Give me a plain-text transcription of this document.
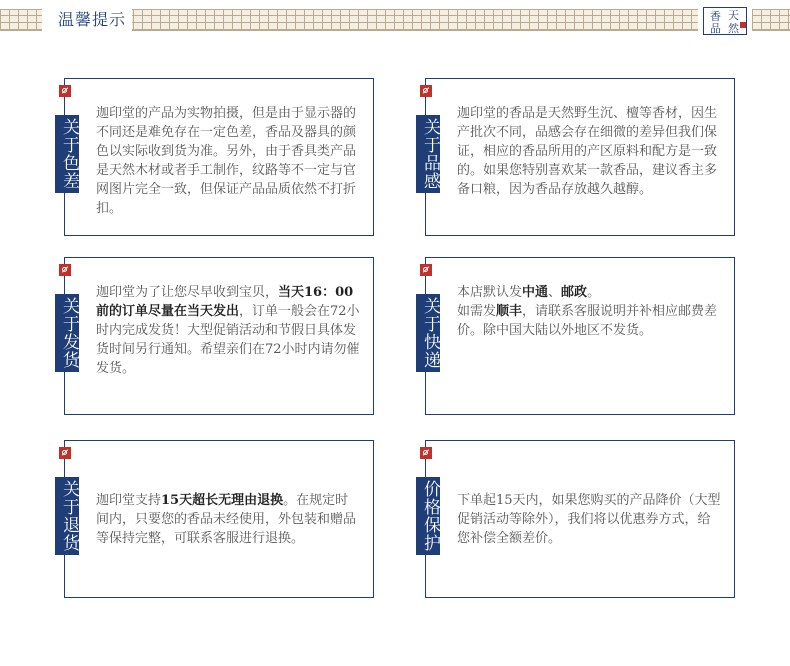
温馨提示	香 天
品 然
关于色差
迦印堂的产品为实物拍摄，但是由于显示器的不同还是难免存在一定色差，香品及器具的颜色以实际收到货为准。另外，由于香具类产品是天然木材或者手工制作，纹路等不一定与官网图片完全一致，但保证产品品质依然不打折扣。
关于品感
迦印堂的香品是天然野生沉、檀等香材，因生产批次不同，品感会存在细微的差异但我们保证，相应的香品所用的产区原料和配方是一致的。如果您特别喜欢某一款香品，建议香主多备口粮，因为香品存放越久越醇。
关于发货
迦印堂为了让您尽早收到宝贝，当天16：00前的订单尽量在当天发出，订单一般会在72小时内完成发货！大型促销活动和节假日具体发货时间另行通知。希望亲们在72小时内请勿催发货。	关于快递
本店默认发中通、邮政。
如需发顺丰，请联系客服说明并补相应邮费差价。除中国大陆以外地区不发货。
关于退货 迦印堂支持15天超长无理由退换。在规定时间内，只要您的香品未经使用，外包装和赠品等保持完整，可联系客服进行退换。	价格保护 下单起15天内，如果您购买的产品降价（大型促销活动等除外），我们将以优惠券方式，给您补偿全额差价。
